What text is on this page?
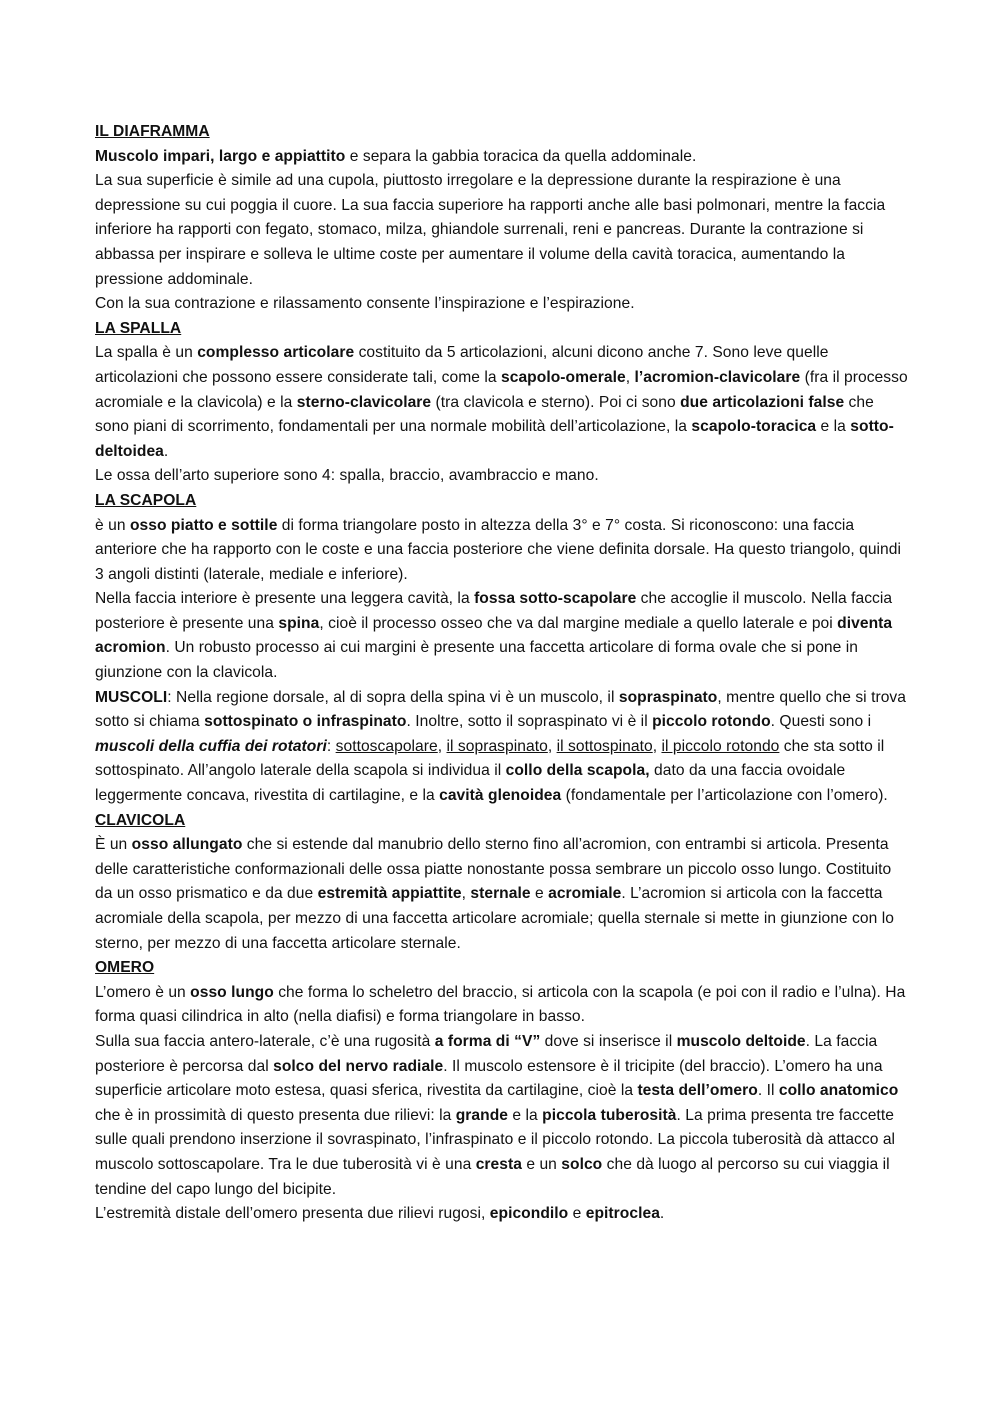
IL DIAFRAMMA
Muscolo impari, largo e appiattito e separa la gabbia toracica da quella addominale.
La sua superficie è simile ad una cupola, piuttosto irregolare e la depressione durante la respirazione è una depressione su cui poggia il cuore. La sua faccia superiore ha rapporti anche alle basi polmonari, mentre la faccia inferiore ha rapporti con fegato, stomaco, milza, ghiandole surrenali, reni e pancreas. Durante la contrazione si abbassa per inspirare e solleva le ultime coste per aumentare il volume della cavità toracica, aumentando la pressione addominale.
Con la sua contrazione e rilassamento consente l’inspirazione e l’espirazione.
LA SPALLA
La spalla è un complesso articolare costituito da 5 articolazioni, alcuni dicono anche 7. Sono leve quelle articolazioni che possono essere considerate tali, come la scapolo-omerale, l’acromion-clavicolare (fra il processo acromiale e la clavicola) e la sterno-clavicolare (tra clavicola e sterno). Poi ci sono due articolazioni false che sono piani di scorrimento, fondamentali per una normale mobilità dell’articolazione, la scapolo-toracica e la sotto-deltoidea.
Le ossa dell’arto superiore sono 4: spalla, braccio, avambraccio e mano.
LA SCAPOLA
è un osso piatto e sottile di forma triangolare posto in altezza della 3° e 7° costa. Si riconoscono: una faccia anteriore che ha rapporto con le coste e una faccia posteriore che viene definita dorsale. Ha questo triangolo, quindi 3 angoli distinti (laterale, mediale e inferiore).
Nella faccia interiore è presente una leggera cavità, la fossa sotto-scapolare che accoglie il muscolo. Nella faccia posteriore è presente una spina, cioè il processo osseo che va dal margine mediale a quello laterale e poi diventa acromion. Un robusto processo ai cui margini è presente una faccetta articolare di forma ovale che si pone in giunzione con la clavicola.
MUSCOLI: Nella regione dorsale, al di sopra della spina vi è un muscolo, il sopraspinato, mentre quello che si trova sotto si chiama sottospinato o infraspinato. Inoltre, sotto il sopraspinato vi è il piccolo rotondo. Questi sono i muscoli della cuffia dei rotatori: sottoscapolare, il sopraspinato, il sottospinato, il piccolo rotondo che sta sotto il sottospinato. All’angolo laterale della scapola si individua il collo della scapola, dato da una faccia ovoidale leggermente concava, rivestita di cartilagine, e la cavità glenoidea (fondamentale per l’articolazione con l’omero).
CLAVICOLA
È un osso allungato che si estende dal manubrio dello sterno fino all’acromion, con entrambi si articola. Presenta delle caratteristiche conformazionali delle ossa piatte nonostante possa sembrare un piccolo osso lungo. Costituito da un osso prismatico e da due estremità appiattite, sternale e acromiale. L’acromion si articola con la faccetta acromiale della scapola, per mezzo di una faccetta articolare acromiale; quella sternale si mette in giunzione con lo sterno, per mezzo di una faccetta articolare sternale.
OMERO
L’omero è un osso lungo che forma lo scheletro del braccio, si articola con la scapola (e poi con il radio e l’ulna). Ha forma quasi cilindrica in alto (nella diafisi) e forma triangolare in basso.
Sulla sua faccia antero-laterale, c’è una rugosità a forma di “V” dove si inserisce il muscolo deltoide. La faccia posteriore è percorsa dal solco del nervo radiale. Il muscolo estensore è il tricipite (del braccio). L’omero ha una superficie articolare moto estesa, quasi sferica, rivestita da cartilagine, cioè la testa dell’omero. Il collo anatomico che è in prossimità di questo presenta due rilievi: la grande e la piccola tuberosità. La prima presenta tre faccette sulle quali prendono inserzione il sovraspinato, l’infraspinato e il piccolo rotondo. La piccola tuberosità dà attacco al muscolo sottoscapolare. Tra le due tuberosità vi è una cresta e un solco che dà luogo al percorso su cui viaggia il tendine del capo lungo del bicipite.
L’estremità distale dell’omero presenta due rilievi rugosi, epicondilo e epitroclea.
